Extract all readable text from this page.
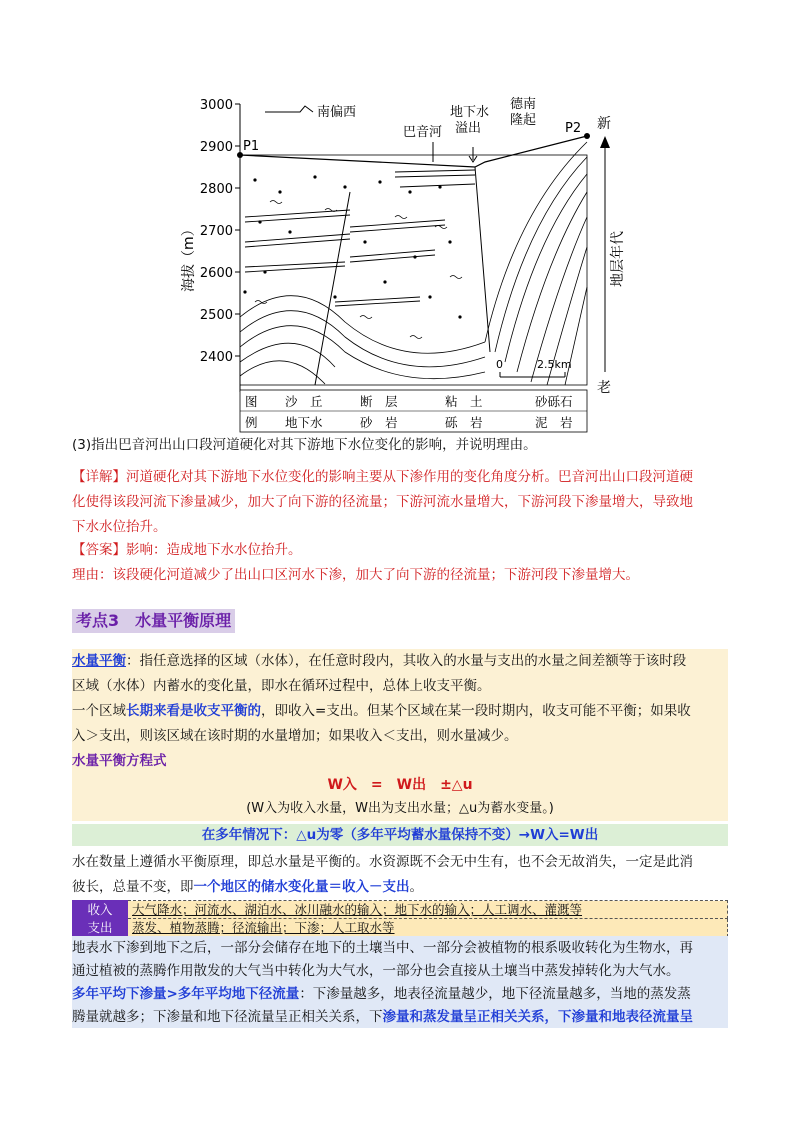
3000
2900
2800
2700
2600
2500
2400
海拔（m）
南偏西
P1
P2
巴音河
地下水
溢出
德南
隆起	新
老
地层年代
0	2.5km
图 沙　丘	断　层	粘　土	砂砾石
例 地下水	砂　岩	砾　岩	泥　岩
(3)指出巴音河出山口段河道硬化对其下游地下水位变化的影响，并说明理由。
【详解】河道硬化对其下游地下水位变化的影响主要从下渗作用的变化角度分析。巴音河出山口段河道硬
化使得该段河流下渗量减少，加大了向下游的径流量；下游河流水量增大，下游河段下渗量增大，导致地
下水水位抬升。
【答案】影响：造成地下水水位抬升。
理由：该段硬化河道减少了出山口区河水下渗，加大了向下游的径流量；下游河段下渗量增大。
考点3　水量平衡原理
水量平衡：指任意选择的区域（水体），在任意时段内，其收入的水量与支出的水量之间差额等于该时段
区域（水体）内蓄水的变化量，即水在循环过程中，总体上收支平衡。
一个区域长期来看是收支平衡的，即收入=支出。但某个区域在某一段时期内，收支可能不平衡；如果收
入＞支出，则该区域在该时期的水量增加；如果收入＜支出，则水量减少。
水量平衡方程式
W入　=　W出　±△u
(W入为收入水量，W出为支出水量；△u为蓄水变量。)
在多年情况下：△u为零（多年平均蓄水量保持不变）→W入=W出
水在数量上遵循水平衡原理，即总水量是平衡的。水资源既不会无中生有，也不会无故消失，一定是此消
彼长，总量不变，即一个地区的储水变化量＝收入－支出。
收入	大气降水；河流水、湖泊水、冰川融水的输入；地下水的输入；人工调水、灌溉等
支出	蒸发、植物蒸腾；径流输出；下渗；人工取水等
地表水下渗到地下之后，一部分会储存在地下的土壤当中、一部分会被植物的根系吸收转化为生物水，再
通过植被的蒸腾作用散发的大气当中转化为大气水，一部分也会直接从土壤当中蒸发掉转化为大气水。
多年平均下渗量>多年平均地下径流量：下渗量越多，地表径流量越少，地下径流量越多，当地的蒸发蒸
腾量就越多；下渗量和地下径流量呈正相关关系，下渗量和蒸发量呈正相关关系，下渗量和地表径流量呈
